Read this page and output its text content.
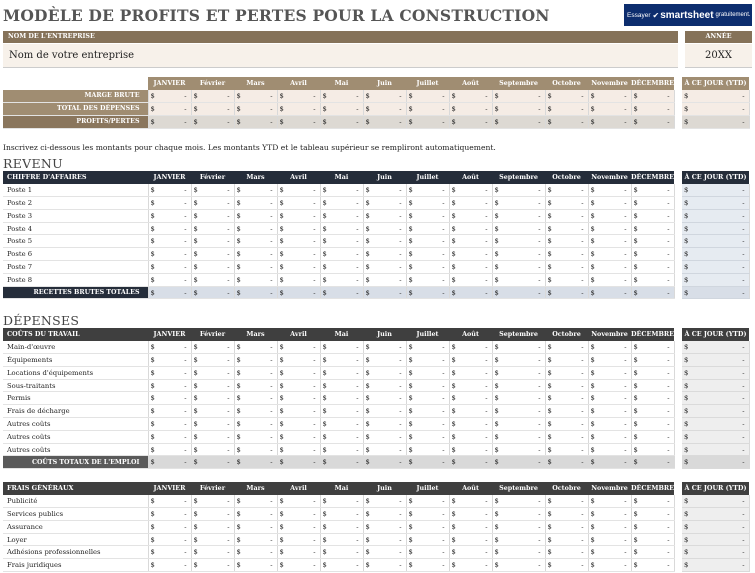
MODÈLE DE PROFITS ET PERTES POUR LA CONSTRUCTION	Essayer ✔ smartsheet gratuitement.
NOM DE L'ENTREPRISE
Nom de votre entreprise
ANNÉE
20XX
	JANVIER	Février	Mars	Avril	Mai	Juin	Juillet	Août	Septembre	Octobre	Novembre	DÉCEMBRE		À CE JOUR (YTD)
MARGE BRUTE	$ -	$ -	$ -	$ -	$ -	$ -	$ -	$ -	$ -	$ -	$ -	$ -		$ -

TOTAL DES DÉPENSES	$ -	$ -	$ -	$ -	$ -	$ -	$ -	$ -	$ -	$ -	$ -	$ -		$ -

PROFITS/PERTES	$ -	$ -	$ -	$ -	$ -	$ -	$ -	$ -	$ -	$ -	$ -	$ -		$ -
Inscrivez ci-dessous les montants pour chaque mois. Les montants YTD et le tableau supérieur se rempliront automatiquement.
REVENU
CHIFFRE D'AFFAIRES	JANVIER	Février	Mars	Avril	Mai	Juin	Juillet	Août	Septembre	Octobre	Novembre	DÉCEMBRE		À CE JOUR (YTD)
Poste 1	$ -	$ -	$ -	$ -	$ -	$ -	$ -	$ -	$ -	$ -	$ -	$ -		$ -

Poste 2	$ -	$ -	$ -	$ -	$ -	$ -	$ -	$ -	$ -	$ -	$ -	$ -		$ -

Poste 3	$ -	$ -	$ -	$ -	$ -	$ -	$ -	$ -	$ -	$ -	$ -	$ -		$ -

Poste 4	$ -	$ -	$ -	$ -	$ -	$ -	$ -	$ -	$ -	$ -	$ -	$ -		$ -

Poste 5	$ -	$ -	$ -	$ -	$ -	$ -	$ -	$ -	$ -	$ -	$ -	$ -		$ -

Poste 6	$ -	$ -	$ -	$ -	$ -	$ -	$ -	$ -	$ -	$ -	$ -	$ -		$ -

Poste 7	$ -	$ -	$ -	$ -	$ -	$ -	$ -	$ -	$ -	$ -	$ -	$ -		$ -

Poste 8	$ -	$ -	$ -	$ -	$ -	$ -	$ -	$ -	$ -	$ -	$ -	$ -		$ -

RECETTES BRUTES TOTALES	$ -	$ -	$ -	$ -	$ -	$ -	$ -	$ -	$ -	$ -	$ -	$ -		$ -
DÉPENSES
COÛTS DU TRAVAIL	JANVIER	Février	Mars	Avril	Mai	Juin	Juillet	Août	Septembre	Octobre	Novembre	DÉCEMBRE		À CE JOUR (YTD)
Main-d'œuvre	$ -	$ -	$ -	$ -	$ -	$ -	$ -	$ -	$ -	$ -	$ -	$ -		$ -

Équipements	$ -	$ -	$ -	$ -	$ -	$ -	$ -	$ -	$ -	$ -	$ -	$ -		$ -

Locations d'équipements	$ -	$ -	$ -	$ -	$ -	$ -	$ -	$ -	$ -	$ -	$ -	$ -		$ -

Sous-traitants	$ -	$ -	$ -	$ -	$ -	$ -	$ -	$ -	$ -	$ -	$ -	$ -		$ -

Permis	$ -	$ -	$ -	$ -	$ -	$ -	$ -	$ -	$ -	$ -	$ -	$ -		$ -

Frais de décharge	$ -	$ -	$ -	$ -	$ -	$ -	$ -	$ -	$ -	$ -	$ -	$ -		$ -

Autres coûts	$ -	$ -	$ -	$ -	$ -	$ -	$ -	$ -	$ -	$ -	$ -	$ -		$ -

Autres coûts	$ -	$ -	$ -	$ -	$ -	$ -	$ -	$ -	$ -	$ -	$ -	$ -		$ -

Autres coûts	$ -	$ -	$ -	$ -	$ -	$ -	$ -	$ -	$ -	$ -	$ -	$ -		$ -

COÛTS TOTAUX DE L'EMPLOI	$ -	$ -	$ -	$ -	$ -	$ -	$ -	$ -	$ -	$ -	$ -	$ -		$ -
FRAIS GÉNÉRAUX	JANVIER	Février	Mars	Avril	Mai	Juin	Juillet	Août	Septembre	Octobre	Novembre	DÉCEMBRE		À CE JOUR (YTD)
Publicité	$ -	$ -	$ -	$ -	$ -	$ -	$ -	$ -	$ -	$ -	$ -	$ -		$ -

Services publics	$ -	$ -	$ -	$ -	$ -	$ -	$ -	$ -	$ -	$ -	$ -	$ -		$ -

Assurance	$ -	$ -	$ -	$ -	$ -	$ -	$ -	$ -	$ -	$ -	$ -	$ -		$ -

Loyer	$ -	$ -	$ -	$ -	$ -	$ -	$ -	$ -	$ -	$ -	$ -	$ -		$ -

Adhésions professionnelles	$ -	$ -	$ -	$ -	$ -	$ -	$ -	$ -	$ -	$ -	$ -	$ -		$ -

Frais juridiques	$ -	$ -	$ -	$ -	$ -	$ -	$ -	$ -	$ -	$ -	$ -	$ -		$ -
